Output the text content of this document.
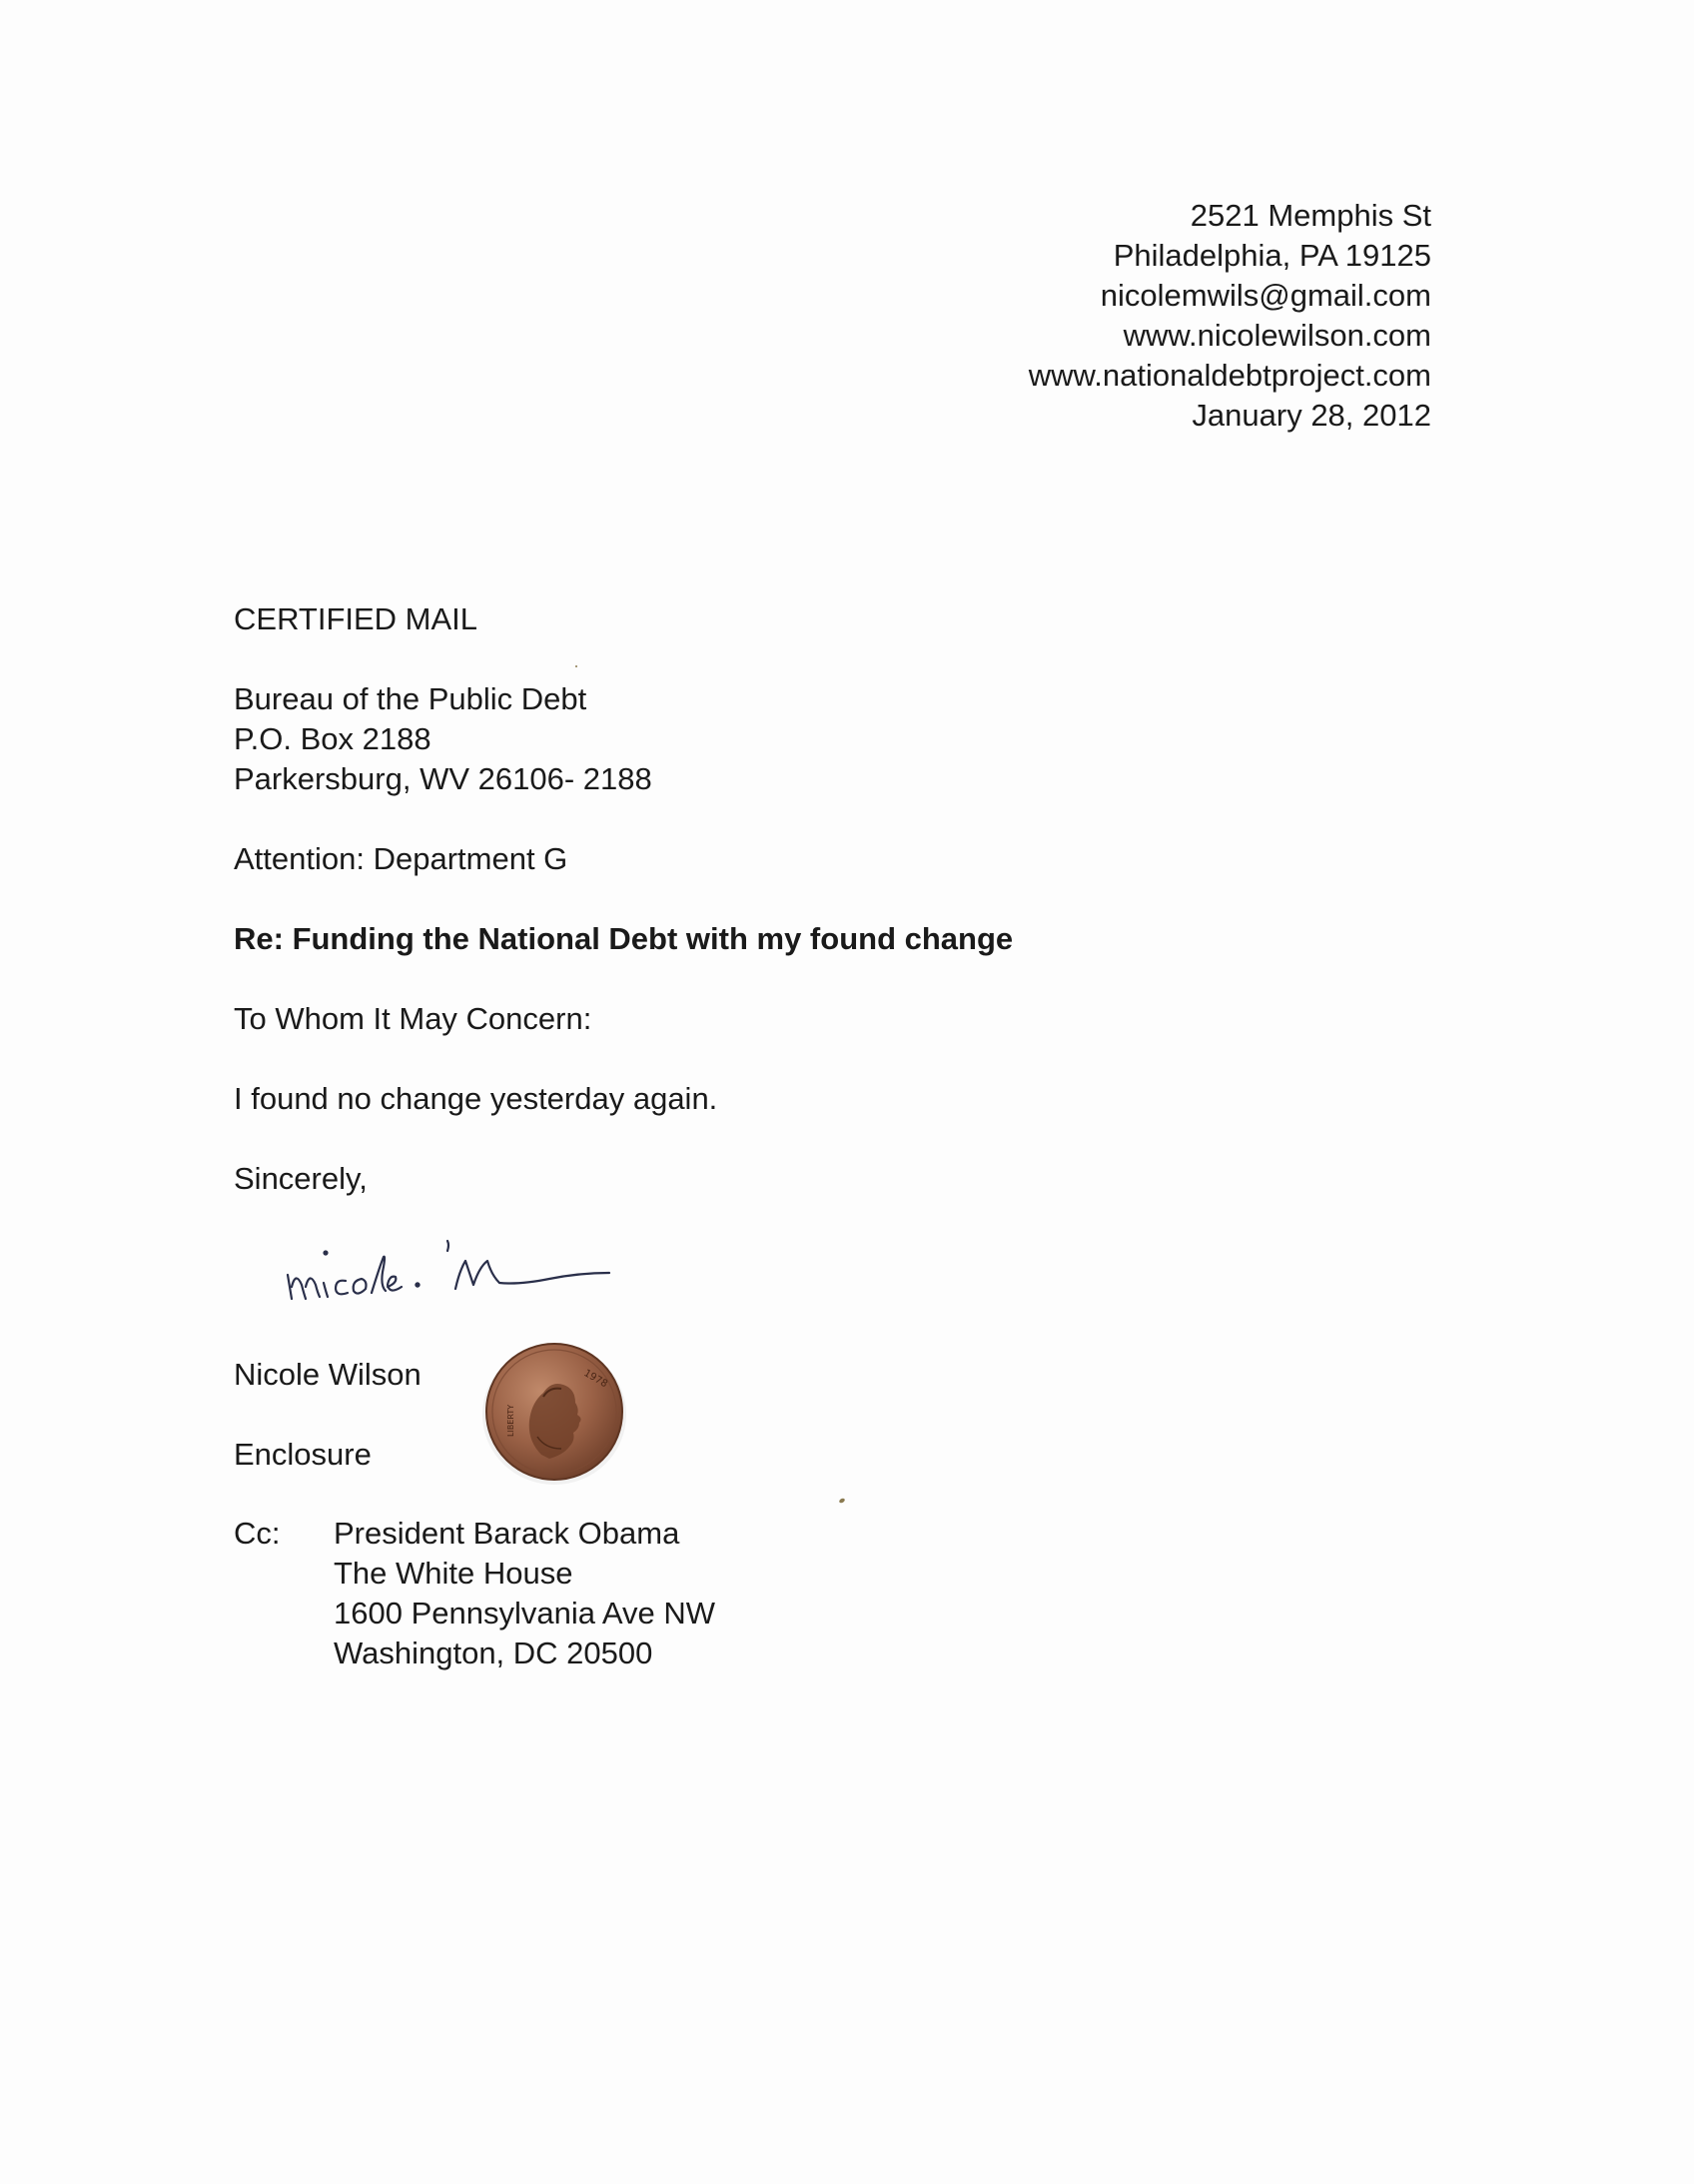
2521 Memphis St
Philadelphia, PA 19125
nicolemwils@gmail.com
www.nicolewilson.com
www.nationaldebtproject.com
January 28, 2012
CERTIFIED MAIL
Bureau of the Public Debt
P.O. Box 2188
Parkersburg, WV 26106- 2188
Attention: Department G
Re: Funding the National Debt with my found change
To Whom It May Concern:
I found no change yesterday again.
Sincerely,
Nicole Wilson
Enclosure
LIBERTY
1978
Cc: President Barack Obama
The White House
1600 Pennsylvania Ave NW
Washington, DC 20500
